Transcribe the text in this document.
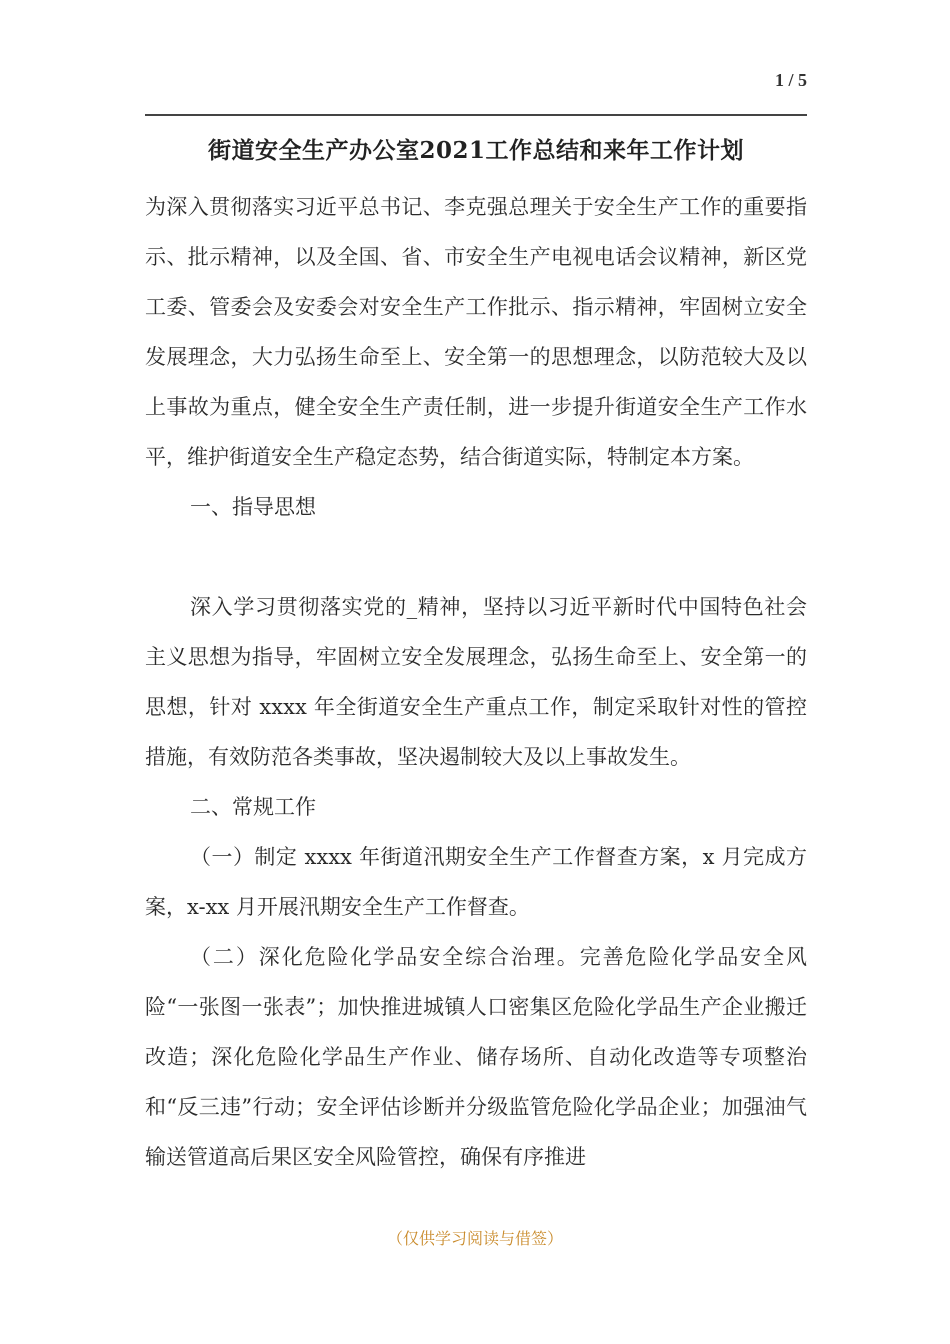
1 / 5
街道安全生产办公室2021工作总结和来年工作计划

为深入贯彻落实习近平总书记、李克强总理关于安全生产工作的重要指示、批示精神，以及全国、省、市安全生产电视电话会议精神，新区党工委、管委会及安委会对安全生产工作批示、指示精神，牢固树立安全发展理念，大力弘扬生命至上、安全第一的思想理念，以防范较大及以上事故为重点，健全安全生产责任制，进一步提升街道安全生产工作水平，维护街道安全生产稳定态势，结合街道实际，特制定本方案。

一、指导思想

深入学习贯彻落实党的_精神，坚持以习近平新时代中国特色社会主义思想为指导，牢固树立安全发展理念，弘扬生命至上、安全第一的思想，针对 xxxx 年全街道安全生产重点工作，制定采取针对性的管控措施，有效防范各类事故，坚决遏制较大及以上事故发生。

二、常规工作

（一）制定 xxxx 年街道汛期安全生产工作督查方案，x 月完成方案，x-xx 月开展汛期安全生产工作督查。

（二）深化危险化学品安全综合治理。完善危险化学品安全风险“一张图一张表”；加快推进城镇人口密集区危险化学品生产企业搬迁改造；深化危险化学品生产作业、储存场所、自动化改造等专项整治和“反三违”行动；安全评估诊断并分级监管危险化学品企业；加强油气输送管道高后果区安全风险管控，确保有序推进

（仅供学习阅读与借签）
